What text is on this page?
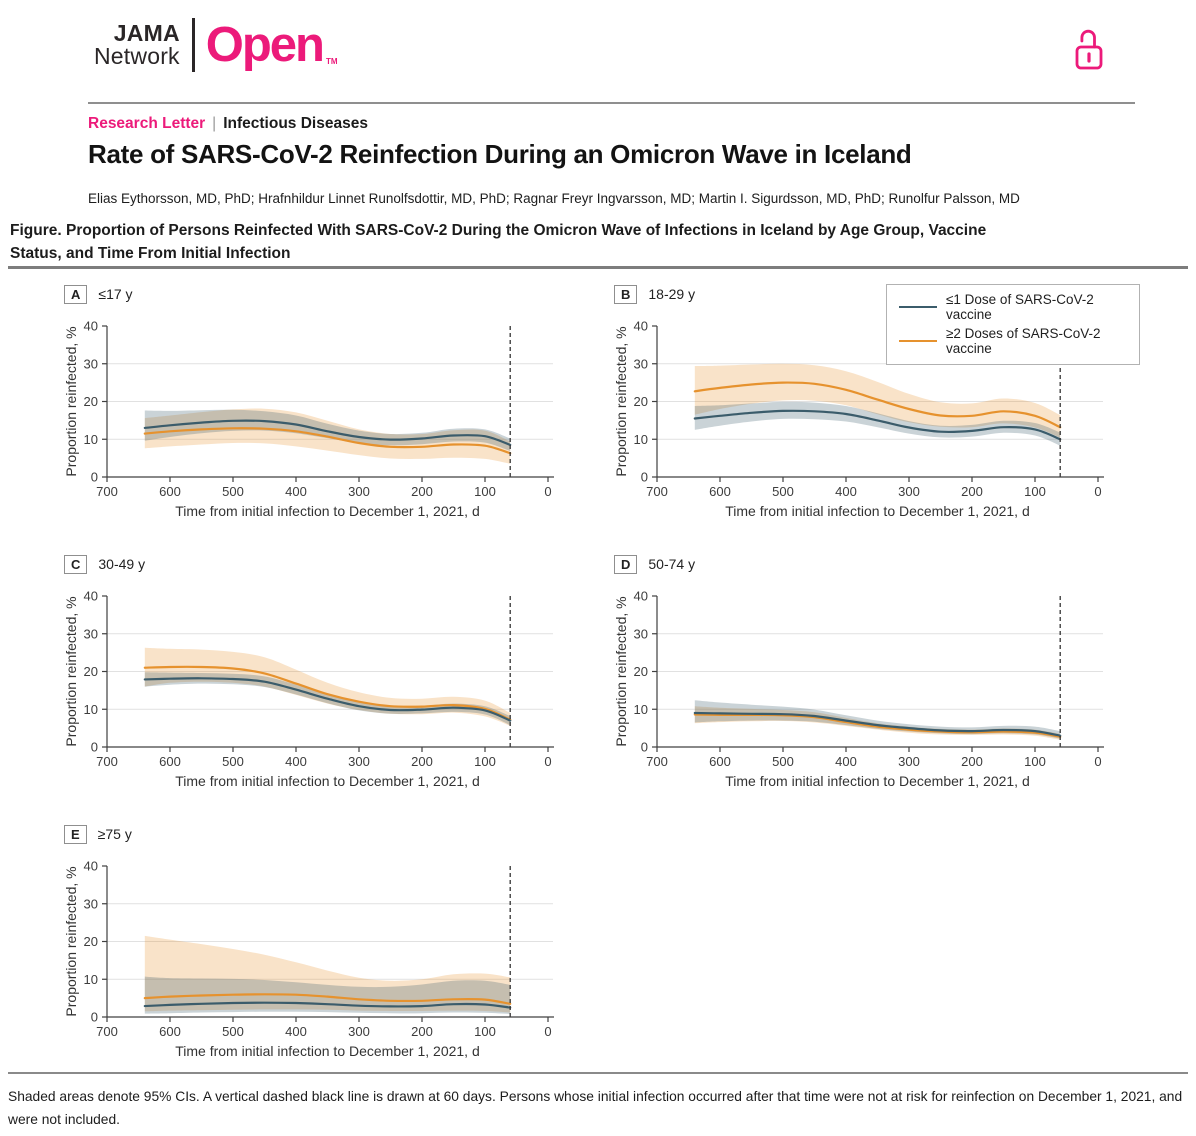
JAMA
Network Open TM
Research Letter | Infectious Diseases
Rate of SARS-CoV-2 Reinfection During an Omicron Wave in Iceland
Elias Eythorsson, MD, PhD; Hrafnhildur Linnet Runolfsdottir, MD, PhD; Ragnar Freyr Ingvarsson, MD; Martin I. Sigurdsson, MD, PhD; Runolfur Palsson, MD
Figure. Proportion of Persons Reinfected With SARS-CoV-2 During the Omicron Wave of Infections in Iceland by Age Group, Vaccine Status, and Time From Initial Infection
A	≤17 y
0
10
20
30
40
700	600	500	400	300	200	100	0
Time from initial infection to December 1, 2021, d
Proportion reinfected, %
B	18-29 y
0
10
20
30
40
700	600	500	400	300	200	100	0
Time from initial infection to December 1, 2021, d
Proportion reinfected, %
≤1 Dose of SARS-CoV-2 vaccine
≥2 Doses of SARS-CoV-2 vaccine
C	30-49 y
0
10
20
30
40
700	600	500	400	300	200	100	0
Time from initial infection to December 1, 2021, d
Proportion reinfected, %
D	50-74 y
0
10
20
30
40
700	600	500	400	300	200	100	0
Time from initial infection to December 1, 2021, d
Proportion reinfected, %
E	≥75 y
0
10
20
30
40
700	600	500	400	300	200	100	0
Time from initial infection to December 1, 2021, d
Proportion reinfected, %
Shaded areas denote 95% CIs. A vertical dashed black line is drawn at 60 days. Persons whose initial infection occurred after that time were not at risk for reinfection on December 1, 2021, and were not included.
